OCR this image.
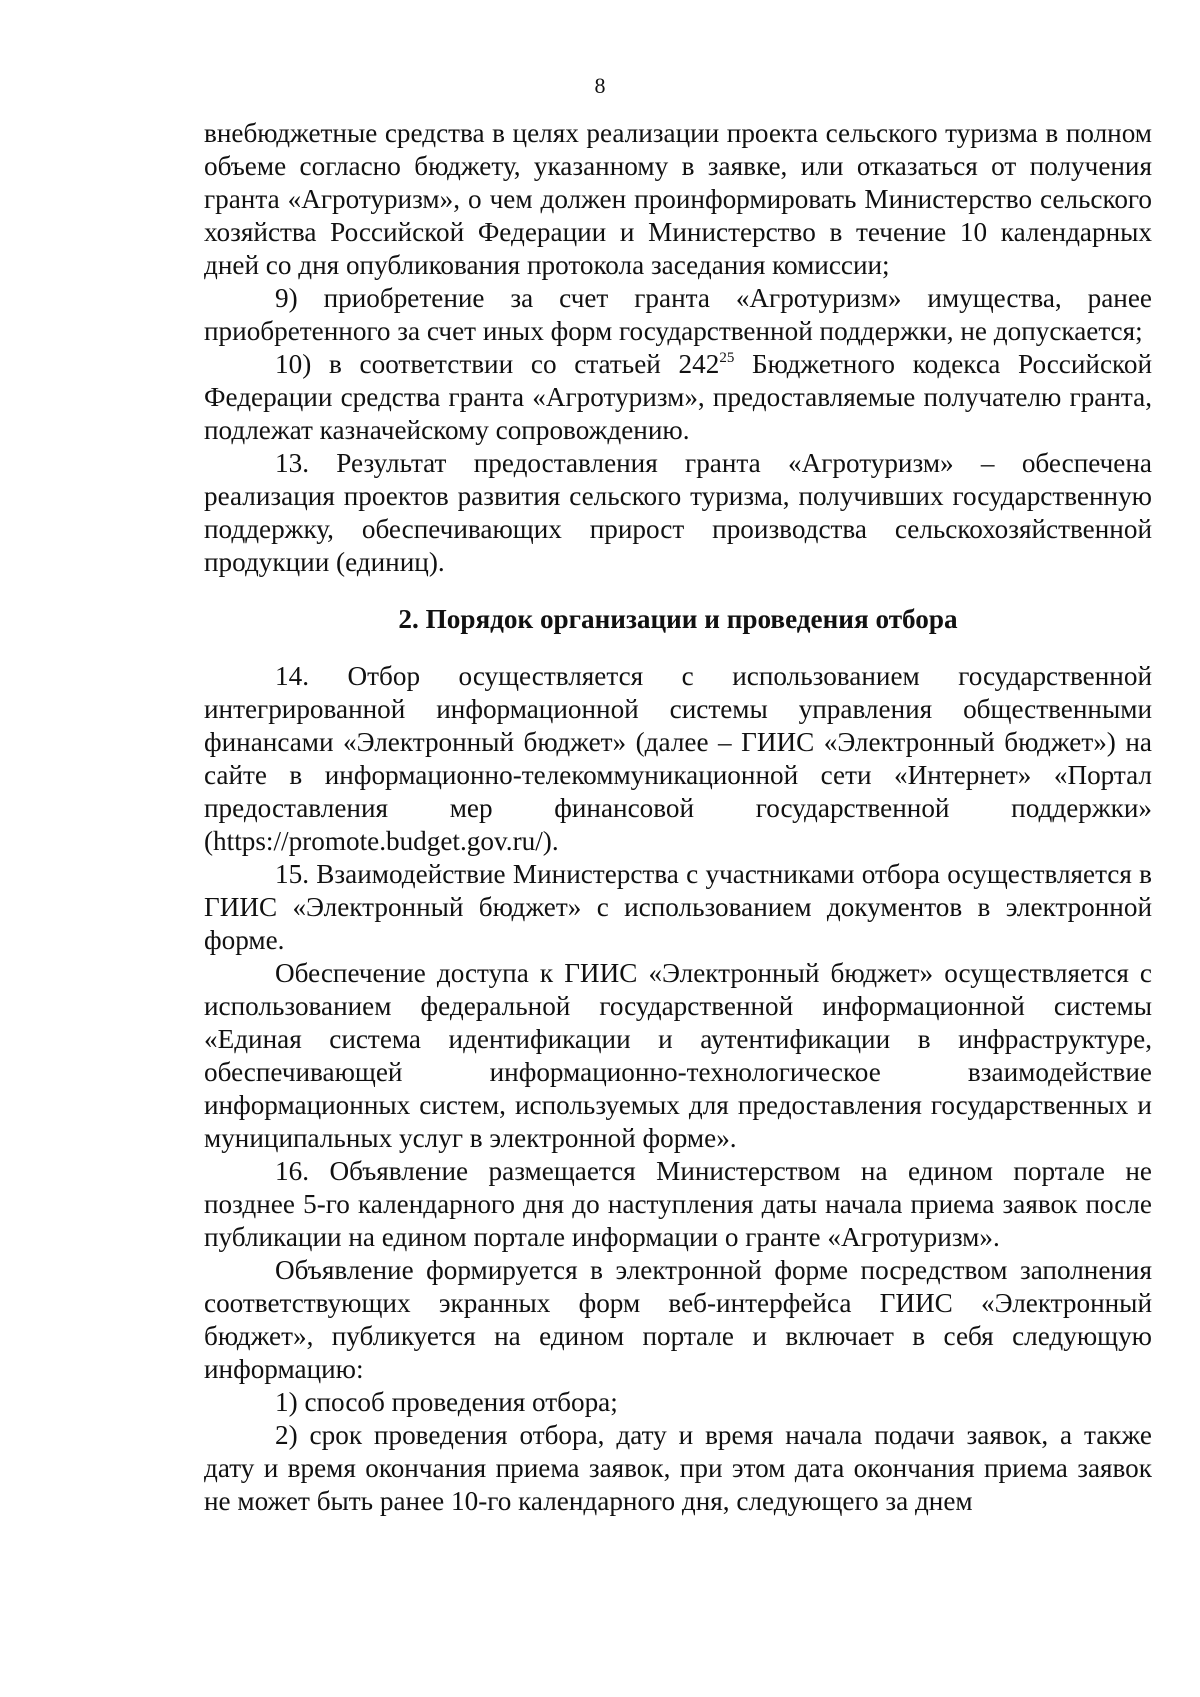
8

внебюджетные средства в целях реализации проекта сельского туризма в полном объеме согласно бюджету, указанному в заявке, или отказаться от получения гранта «Агротуризм», о чем должен проинформировать Министерство сельского хозяйства Российской Федерации и Министерство в течение 10 календарных дней со дня опубликования протокола заседания комиссии;

9) приобретение за счет гранта «Агротуризм» имущества, ранее приобретенного за счет иных форм государственной поддержки, не допускается;

10) в соответствии со статьей $242^{25}$ Бюджетного кодекса Российской Федерации средства гранта «Агротуризм», предоставляемые получателю гранта, подлежат казначейскому сопровождению.

13. Результат предоставления гранта «Агротуризм» – обеспечена реализация проектов развития сельского туризма, получивших государственную поддержку, обеспечивающих прирост производства сельскохозяйственной продукции (единиц).

2. Порядок организации и проведения отбора

14. Отбор осуществляется с использованием государственной интегрированной информационной системы управления общественными финансами «Электронный бюджет» (далее – ГИИС «Электронный бюджет») на сайте в информационно-телекоммуникационной сети «Интернет» «Портал предоставления мер финансовой государственной поддержки» (https://promote.budget.gov.ru/).

15. Взаимодействие Министерства с участниками отбора осуществляется в ГИИС «Электронный бюджет» с использованием документов в электронной форме.

Обеспечение доступа к ГИИС «Электронный бюджет» осуществляется с использованием федеральной государственной информационной системы «Единая система идентификации и аутентификации в инфраструктуре, обеспечивающей информационно-технологическое взаимодействие информационных систем, используемых для предоставления государственных и муниципальных услуг в электронной форме».

16. Объявление размещается Министерством на едином портале не позднее 5-го календарного дня до наступления даты начала приема заявок после публикации на едином портале информации о гранте «Агротуризм».

Объявление формируется в электронной форме посредством заполнения соответствующих экранных форм веб-интерфейса ГИИС «Электронный бюджет», публикуется на едином портале и включает в себя следующую информацию:

1) способ проведения отбора;

2) срок проведения отбора, дату и время начала подачи заявок, а также дату и время окончания приема заявок, при этом дата окончания приема заявок не может быть ранее 10-го календарного дня, следующего за днем
